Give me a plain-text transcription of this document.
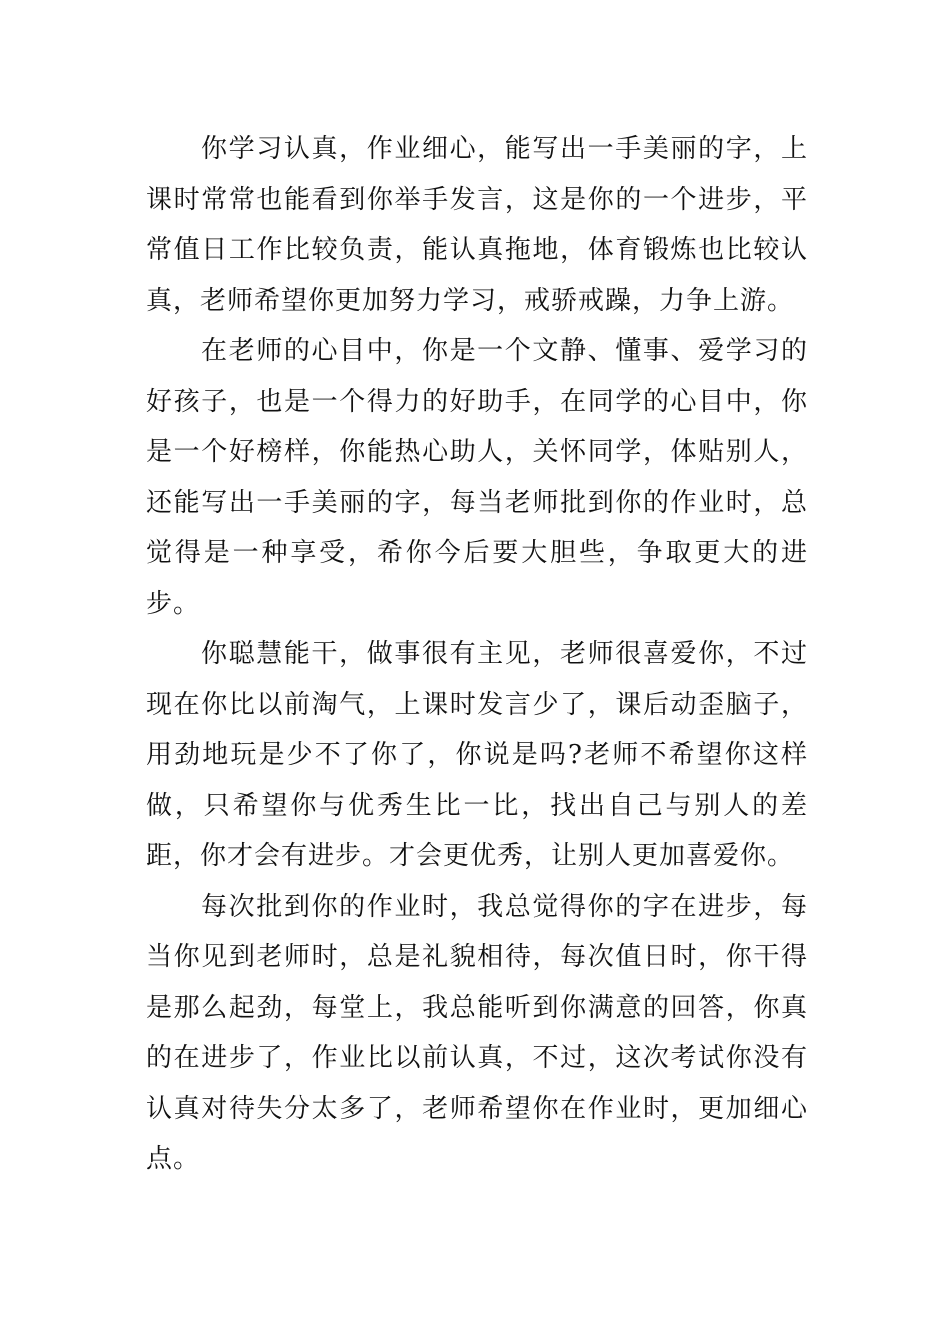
你学习认真，作业细心，能写出一手美丽的字，上课时常常也能看到你举手发言，这是你的一个进步，平常值日工作比较负责，能认真拖地，体育锻炼也比较认真，老师希望你更加努力学习，戒骄戒躁，力争上游。

在老师的心目中，你是一个文静、懂事、爱学习的好孩子，也是一个得力的好助手，在同学的心目中，你是一个好榜样，你能热心助人，关怀同学，体贴别人，还能写出一手美丽的字，每当老师批到你的作业时，总觉得是一种享受，希你今后要大胆些，争取更大的进步。

你聪慧能干，做事很有主见，老师很喜爱你，不过现在你比以前淘气，上课时发言少了，课后动歪脑子，用劲地玩是少不了你了，你说是吗?老师不希望你这样做，只希望你与优秀生比一比，找出自己与别人的差距，你才会有进步。才会更优秀，让别人更加喜爱你。

每次批到你的作业时，我总觉得你的字在进步，每当你见到老师时，总是礼貌相待，每次值日时，你干得是那么起劲，每堂上，我总能听到你满意的回答，你真的在进步了，作业比以前认真，不过，这次考试你没有认真对待失分太多了，老师希望你在作业时，更加细心点。
